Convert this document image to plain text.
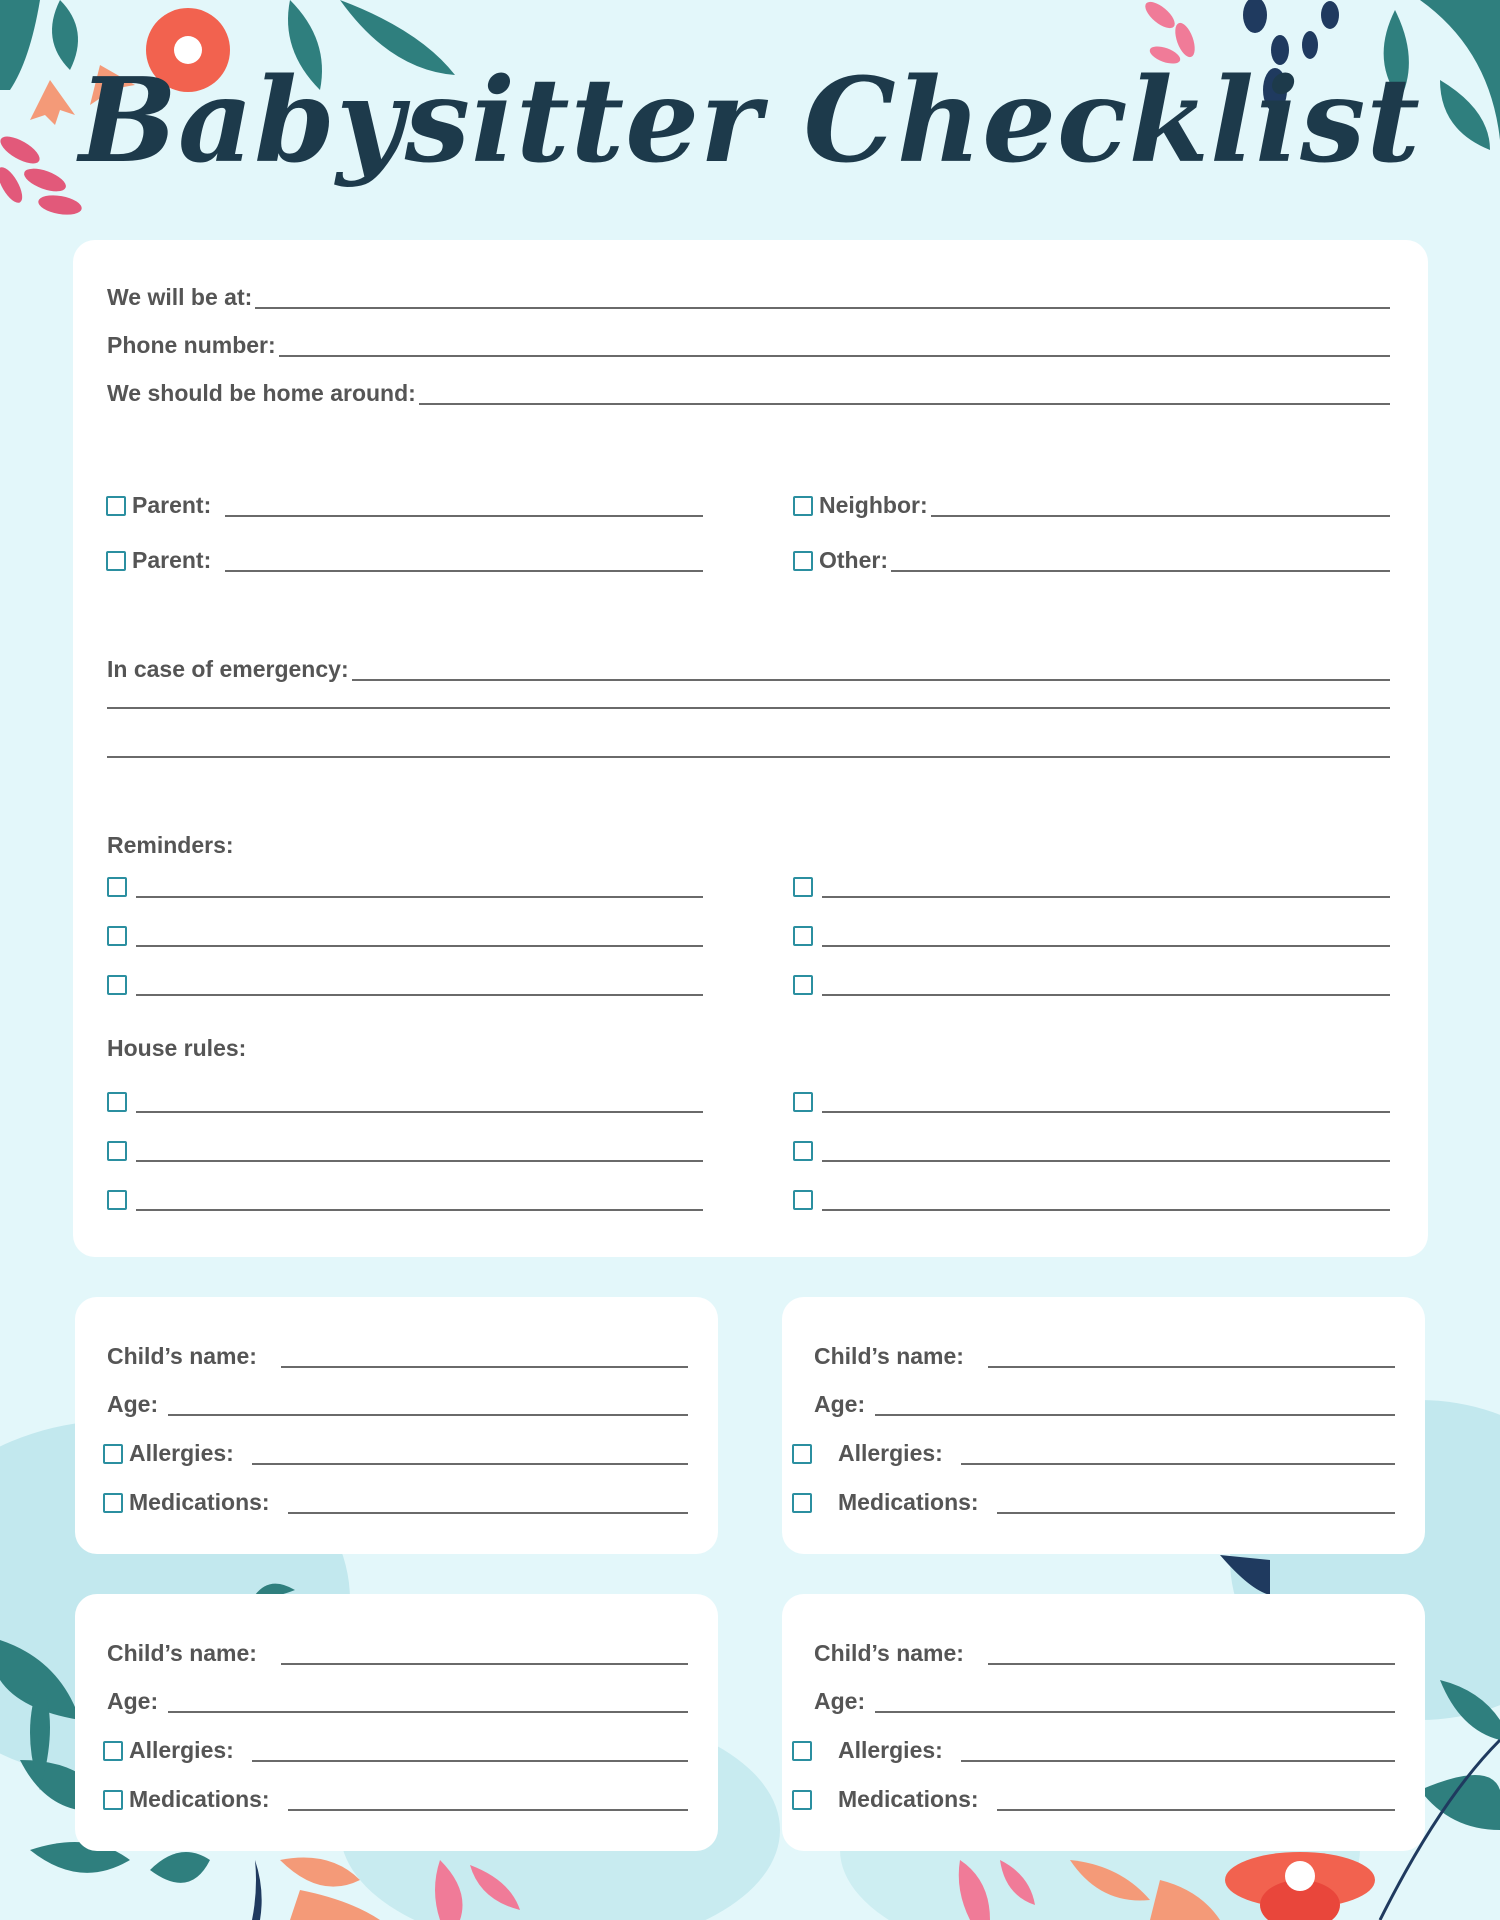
Babysitter Checklist
We will be at:
Phone number:
We should be home around:
Parent:
Parent:
Neighbor:
Other:
In case of emergency:
Reminders:
House rules:
Child’s name:
Age:
Allergies:
Medications:
Child’s name:
Age:
Allergies:
Medications:
Child’s name:
Age:
Allergies:
Medications:
Child’s name:
Age:
Allergies:
Medications:
